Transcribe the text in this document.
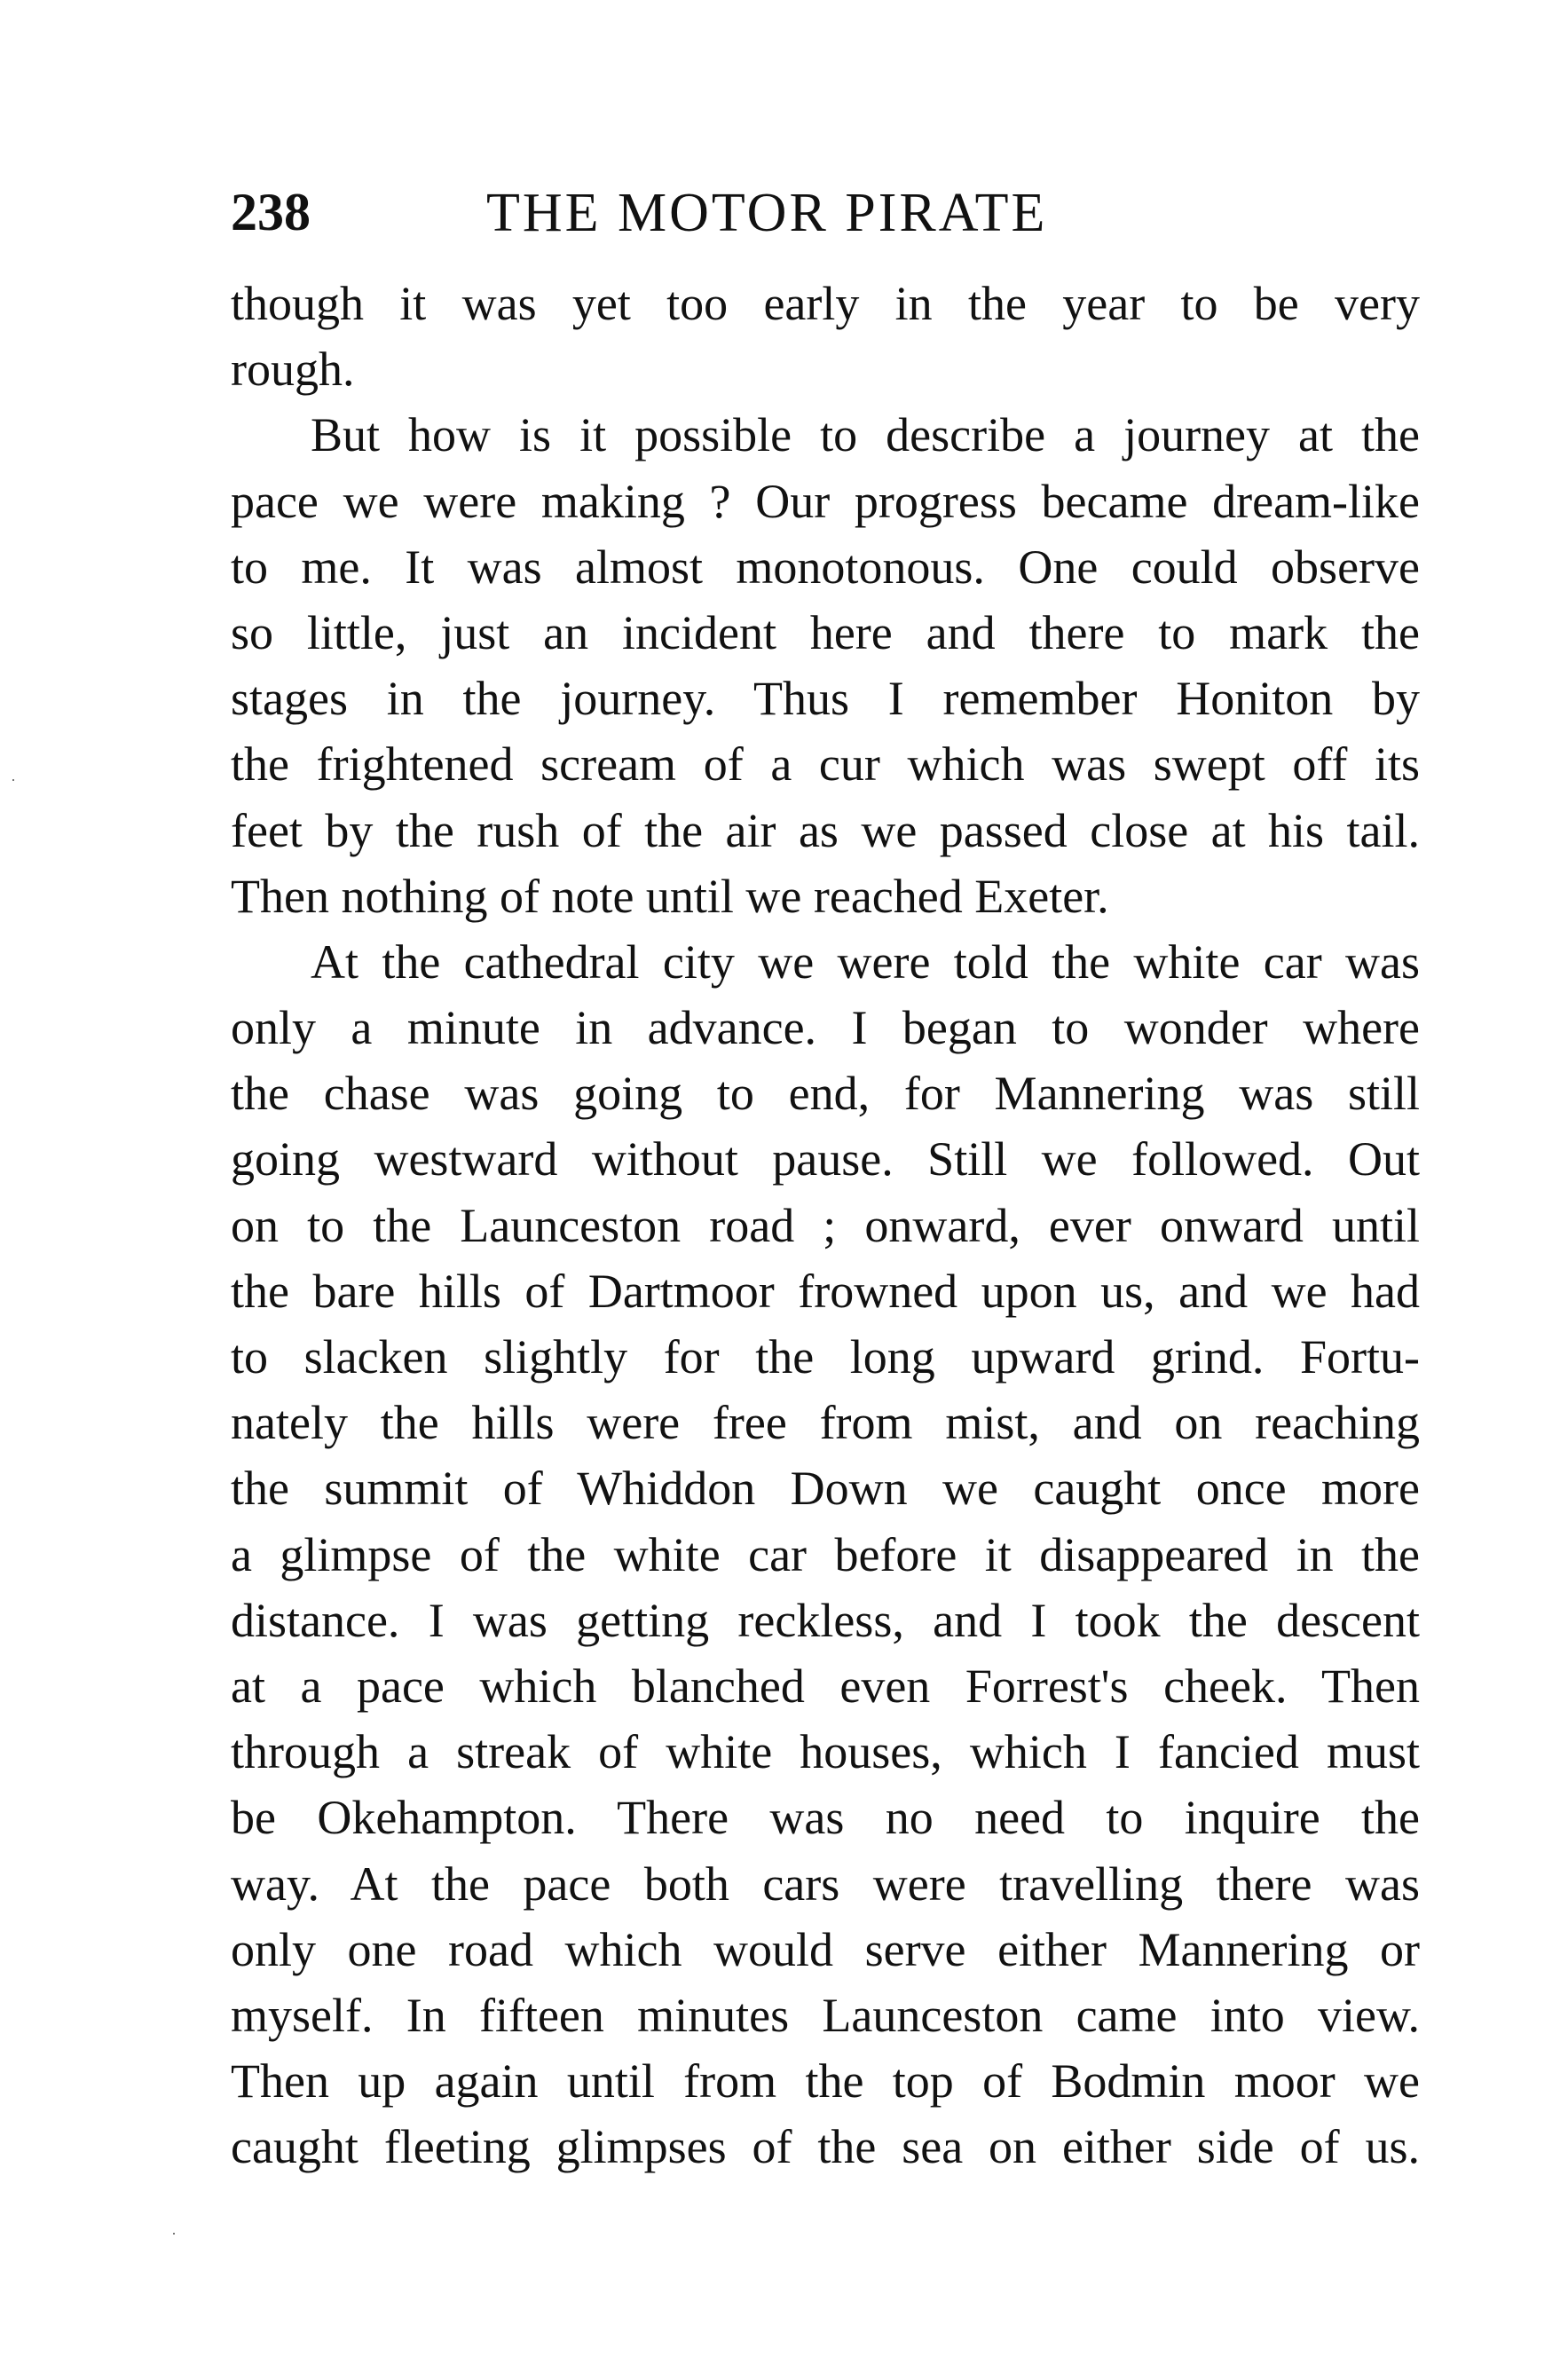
238	THE MOTOR PIRATE
though it was yet too early in the year to be very
rough.
But how is it possible to describe a journey at the
pace we were making ? Our progress became dream-like
to me. It was almost monotonous. One could observe
so little, just an incident here and there to mark the
stages in the journey. Thus I remember Honiton by
the frightened scream of a cur which was swept off its
feet by the rush of the air as we passed close at his tail.
Then nothing of note until we reached Exeter.
At the cathedral city we were told the white car was
only a minute in advance. I began to wonder where
the chase was going to end, for Mannering was still
going westward without pause. Still we followed. Out
on to the Launceston road ; onward, ever onward until
the bare hills of Dartmoor frowned upon us, and we had
to slacken slightly for the long upward grind. Fortu-
nately the hills were free from mist, and on reaching
the summit of Whiddon Down we caught once more
a glimpse of the white car before it disappeared in the
distance. I was getting reckless, and I took the descent
at a pace which blanched even Forrest's cheek. Then
through a streak of white houses, which I fancied must
be Okehampton. There was no need to inquire the
way. At the pace both cars were travelling there was
only one road which would serve either Mannering or
myself. In fifteen minutes Launceston came into view.
Then up again until from the top of Bodmin moor we
caught fleeting glimpses of the sea on either side of us.
